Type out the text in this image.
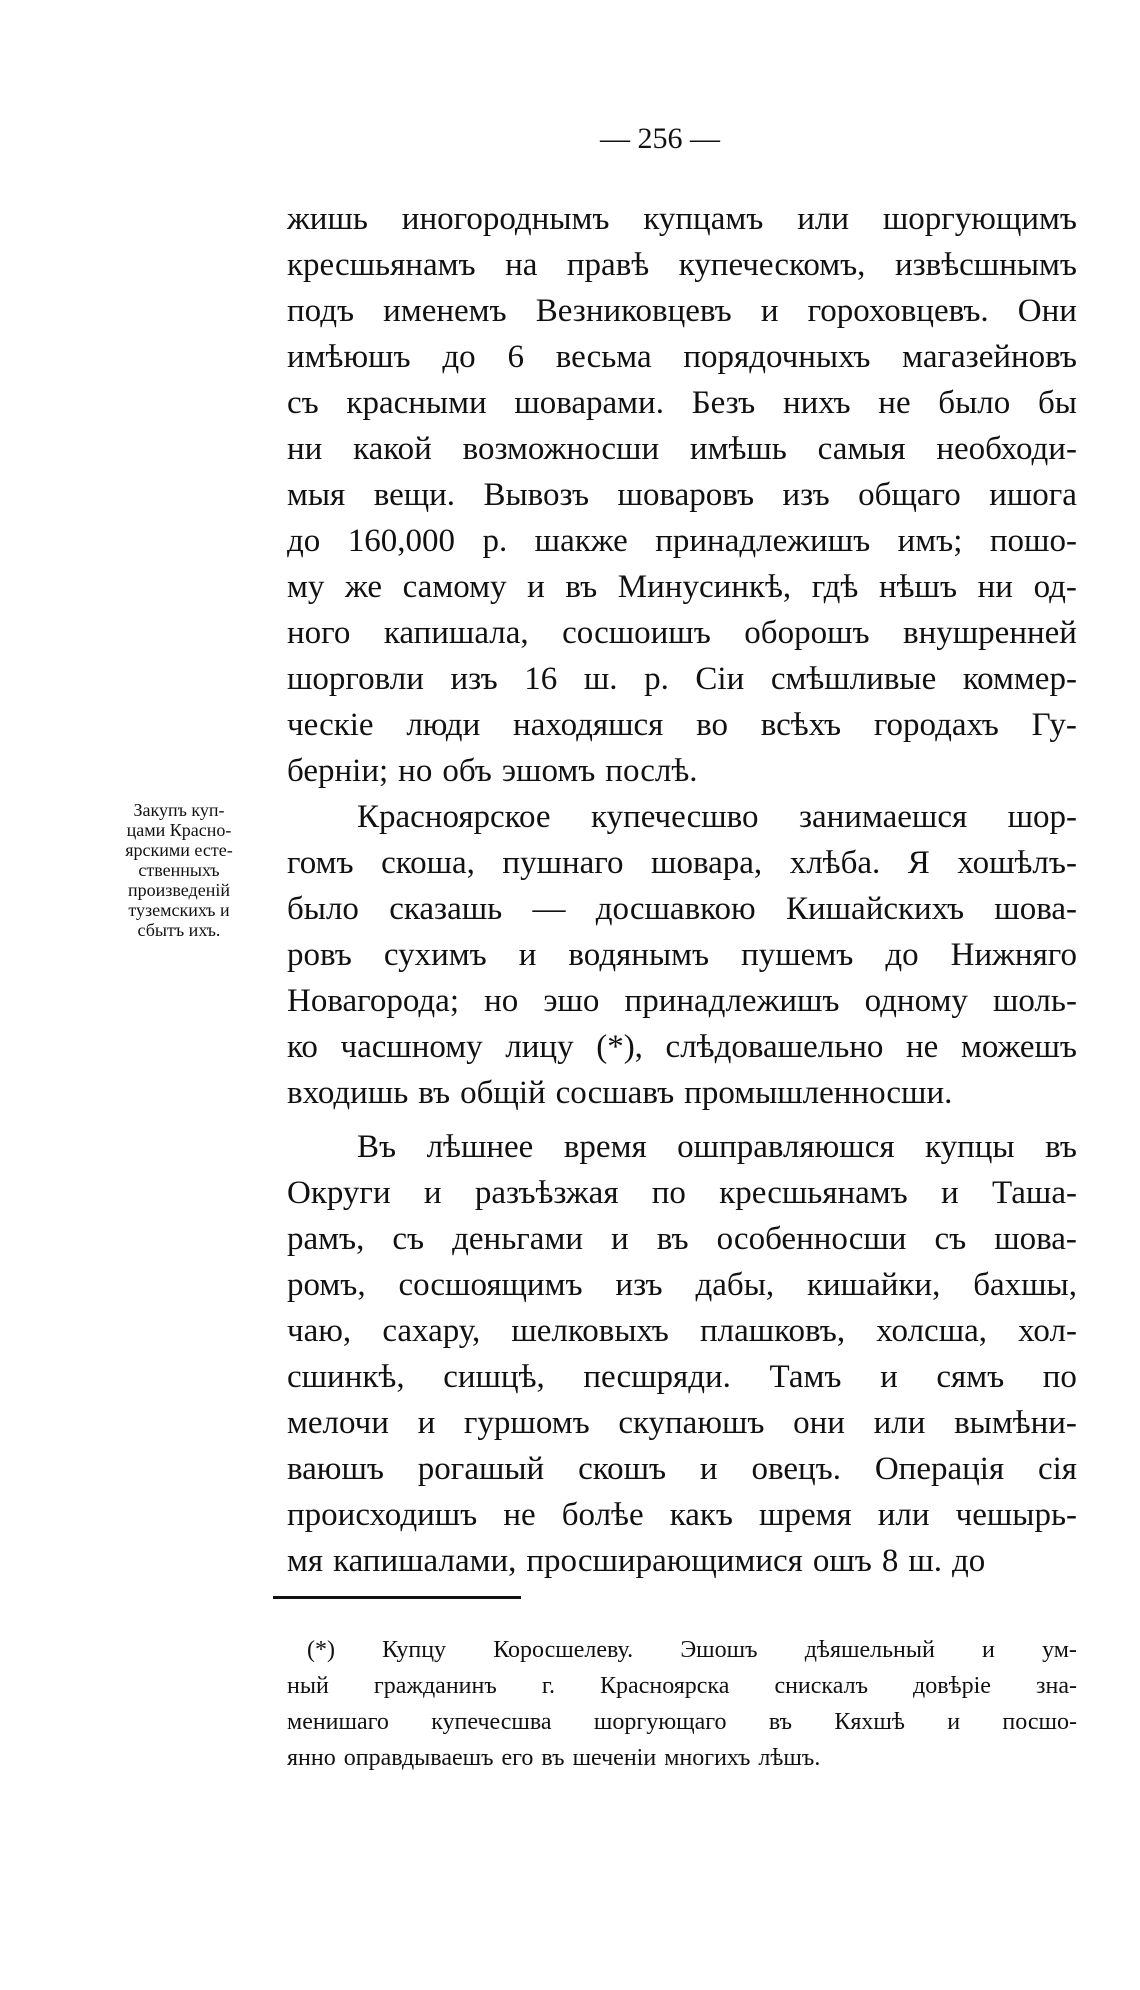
— 256 —
жишь иногороднымъ купцамъ или шоргующимъ
кресшьянамъ на правѣ купеческомъ, извѣсшнымъ
подъ именемъ Везниковцевъ и гороховцевъ. Они
имѣюшъ до 6 весьма порядочныхъ магазейновъ
съ красными шоварами. Безъ нихъ не было бы
ни какой возможносши имѣшь самыя необходи-
мыя вещи. Вывозъ шоваровъ изъ общаго ишога
до 160,000 р. шакже принадлежишъ имъ; пошо-
му же самому и въ Минусинкѣ, гдѣ нѣшъ ни од-
ного капишала, сосшоишъ оборошъ внушренней
шорговли изъ 16 ш. р. Сіи смѣшливые коммер-
ческіе люди находяшся во всѣхъ городахъ Гу-
берніи; но объ эшомъ послѣ.
Красноярское купечесшво занимаешся шор-
гомъ скоша, пушнаго шовара, хлѣба. Я хошѣлъ-
было сказашь — досшавкою Кишайскихъ шова-
ровъ сухимъ и водянымъ пушемъ до Нижняго
Новагорода; но эшо принадлежишъ одному шоль-
ко часшному лицу (*), слѣдовашельно не можешъ
входишь въ общій сосшавъ промышленносши.
Въ лѣшнее время ошправляюшся купцы въ
Округи и разъѣзжая по кресшьянамъ и Таша-
рамъ, съ деньгами и въ особенносши съ шова-
ромъ, сосшоящимъ изъ дабы, кишайки, бахшы,
чаю, сахару, шелковыхъ плашковъ, холсша, хол-
сшинкѣ, сишцѣ, песшряди. Тамъ и сямъ по
мелочи и гуршомъ скупаюшъ они или вымѣни-
ваюшъ рогашый скошъ и овецъ. Операція сія
происходишъ не болѣе какъ шремя или чешырь-
мя капишалами, просширающимися ошъ 8 ш. до
Закупъ куп-
цами Красно-
ярскими есте-
ственныхъ
произведеній
туземскихъ и
сбытъ ихъ.
(*) Купцу Коросшелеву. Эшошъ дѣяшельный и ум-
ный гражданинъ г. Красноярска снискалъ довѣріе зна-
менишаго купечесшва шоргующаго въ Кяхшѣ и посшо-
янно оправдываешъ его въ шеченіи многихъ лѣшъ.
